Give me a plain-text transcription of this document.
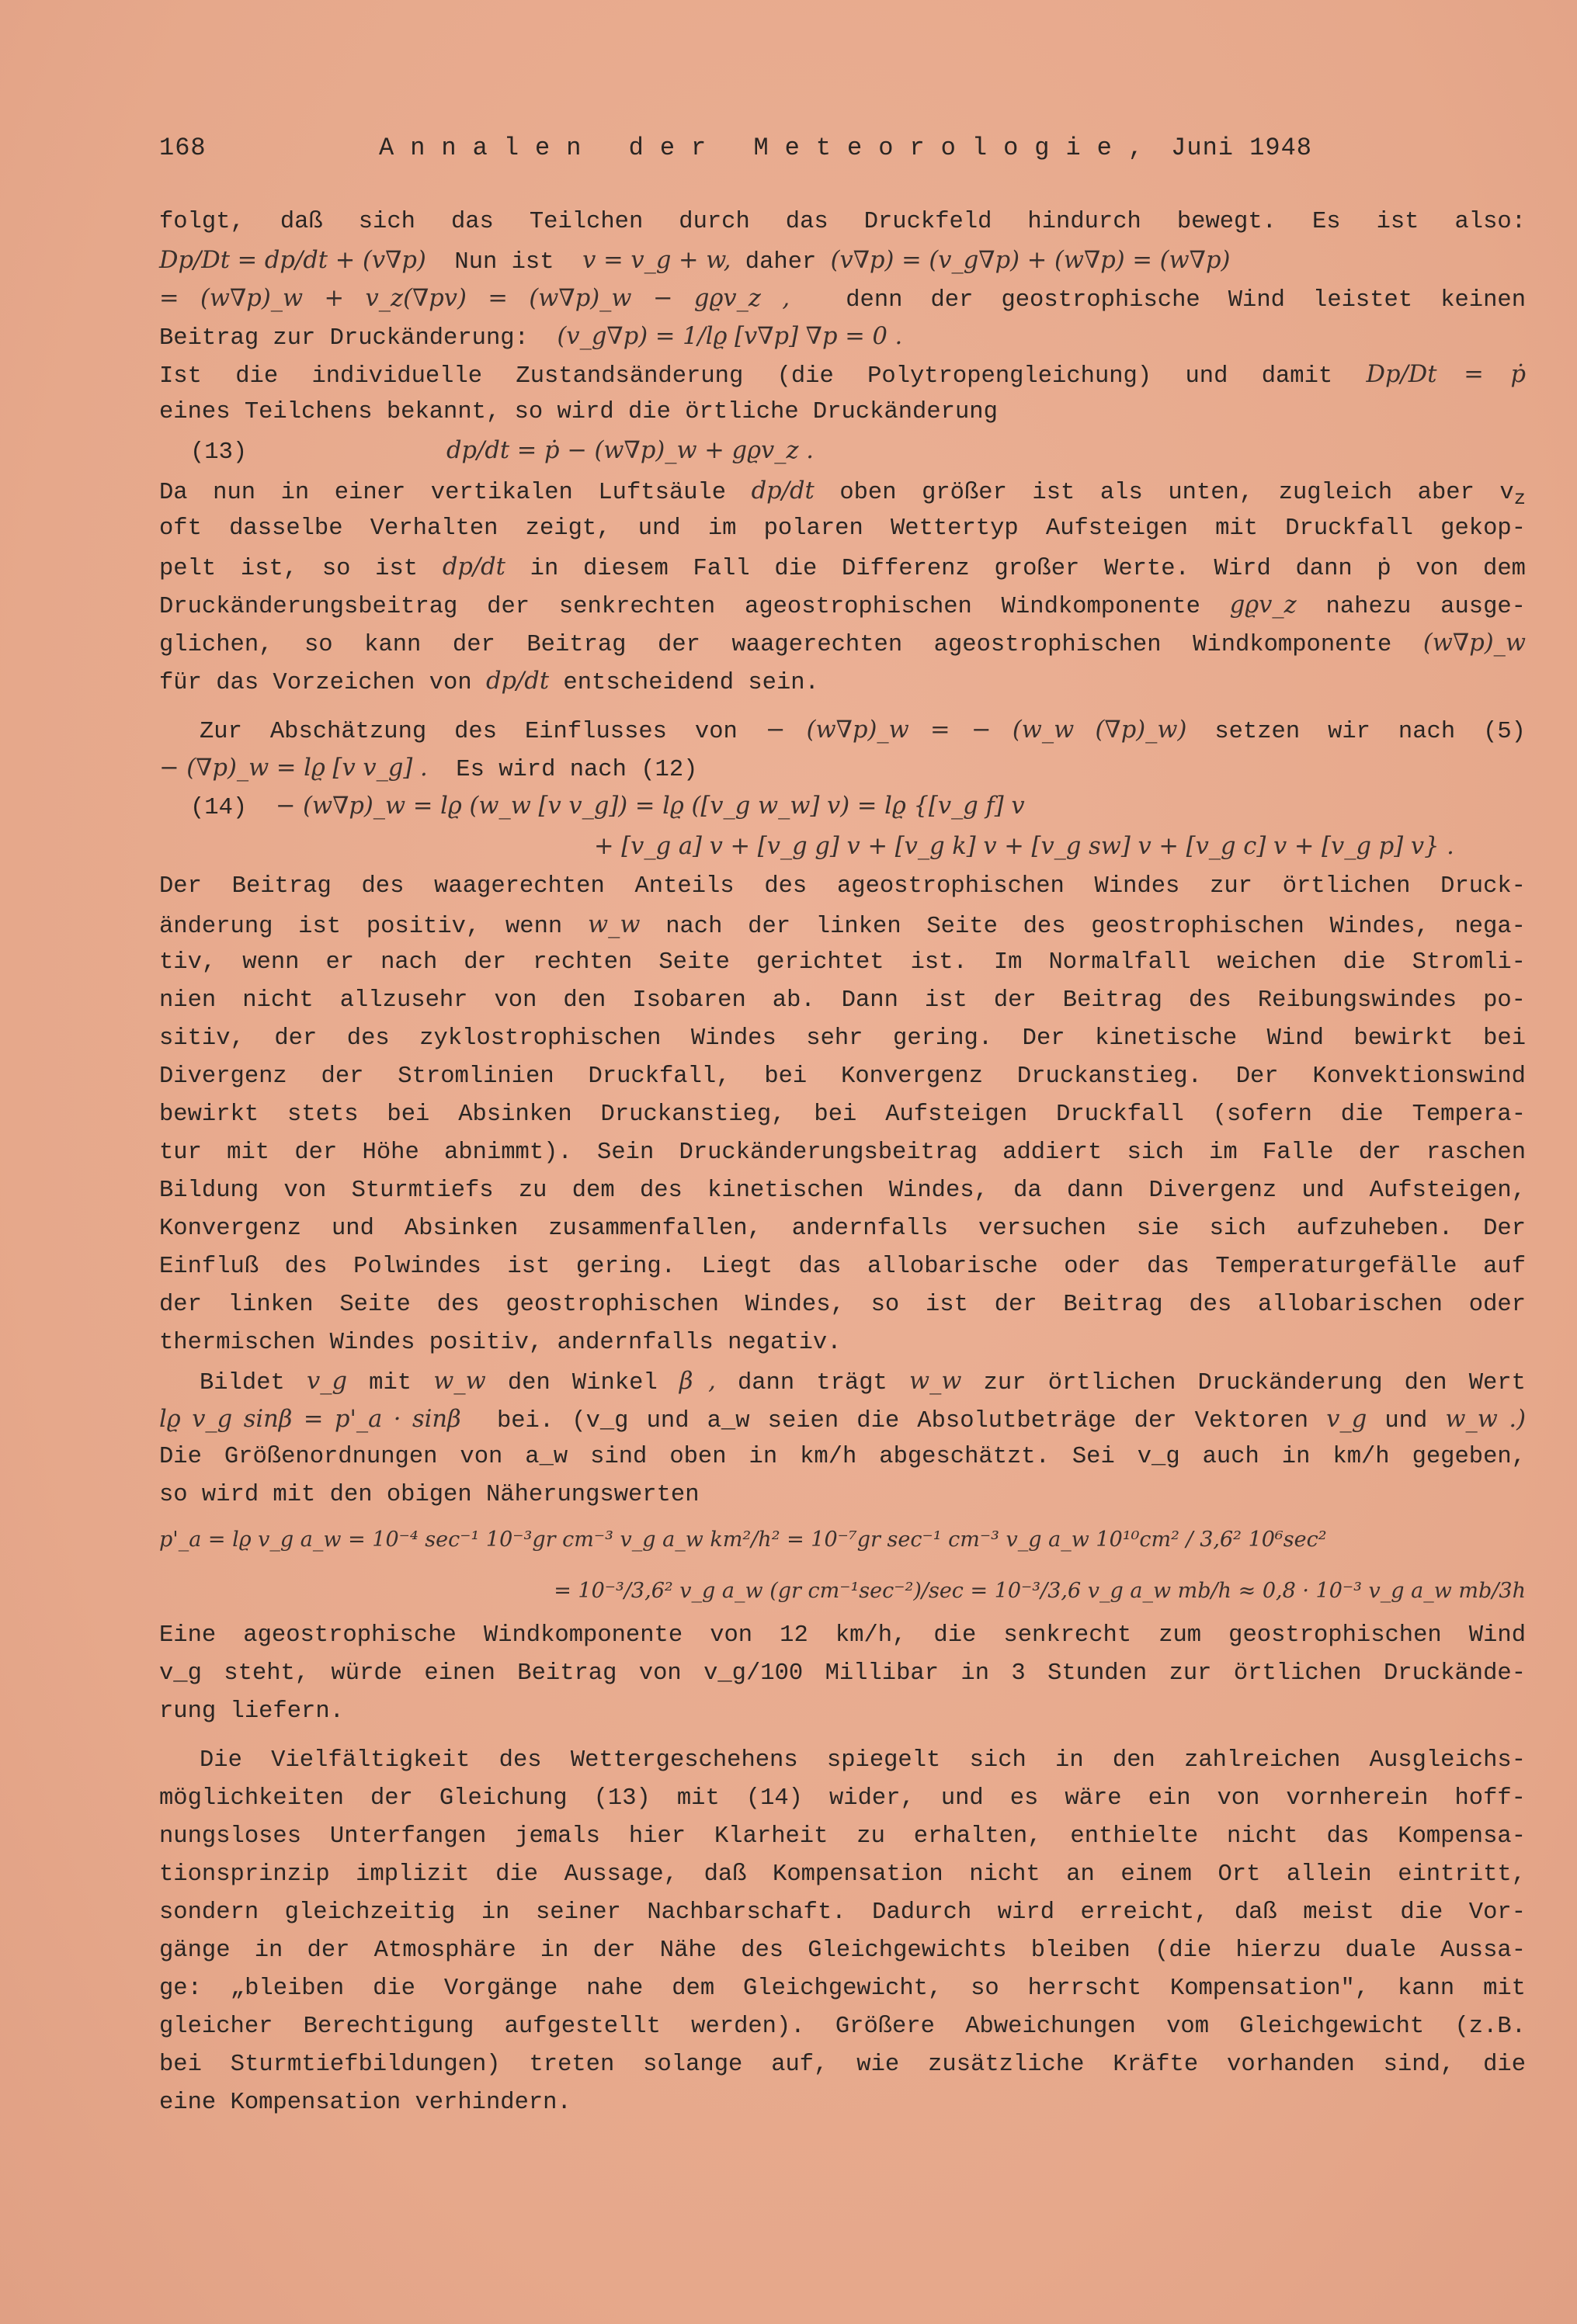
168	Annalen der Meteorologie, Juni 1948
folgt, daß sich das Teilchen durch das Druckfeld hindurch bewegt. Es ist also:
Dp/Dt = dp/dt + (v∇p) Nun ist v = v_g + w, daher (v∇p) = (v_g∇p) + (w∇p) = (w∇p)
= (w∇p)_w + v_z(∇pv) = (w∇p)_w − gϱv_z , denn der geostrophische Wind leistet keinen
Beitrag zur Druckänderung: (v_g∇p) = 1/lϱ [v∇p] ∇p = 0 .
Ist die individuelle Zustandsänderung (die Polytropengleichung) und damit Dp/Dt = ṗ
eines Teilchens bekannt, so wird die örtliche Druckänderung
(13)	dp/dt = ṗ − (w∇p)_w + gϱv_z .
Da nun in einer vertikalen Luftsäule dp/dt oben größer ist als unten, zugleich aber $v_z$
oft dasselbe Verhalten zeigt, und im polaren Wettertyp Aufsteigen mit Druckfall gekop-
pelt ist, so ist dp/dt in diesem Fall die Differenz großer Werte. Wird dann ṗ von dem
Druckänderungsbeitrag der senkrechten ageostrophischen Windkomponente gϱv_z nahezu ausge-
glichen, so kann der Beitrag der waagerechten ageostrophischen Windkomponente (w∇p)_w
für das Vorzeichen von dp/dt entscheidend sein.
Zur Abschätzung des Einflusses von − (w∇p)_w = − (w_w (∇p)_w) setzen wir nach (5)
− (∇p)_w = lϱ [v v_g] . Es wird nach (12)
(14) − (w∇p)_w = lϱ (w_w [v v_g]) = lϱ ([v_g w_w] v) = lϱ {[v_g f] v
+ [v_g a] v + [v_g g] v + [v_g k] v + [v_g sw] v + [v_g c] v + [v_g p] v} .
Der Beitrag des waagerechten Anteils des ageostrophischen Windes zur örtlichen Druck-
änderung ist positiv, wenn w_w nach der linken Seite des geostrophischen Windes, nega-
tiv, wenn er nach der rechten Seite gerichtet ist. Im Normalfall weichen die Stromli-
nien nicht allzusehr von den Isobaren ab. Dann ist der Beitrag des Reibungswindes po-
sitiv, der des zyklostrophischen Windes sehr gering. Der kinetische Wind bewirkt bei
Divergenz der Stromlinien Druckfall, bei Konvergenz Druckanstieg. Der Konvektionswind
bewirkt stets bei Absinken Druckanstieg, bei Aufsteigen Druckfall (sofern die Tempera-
tur mit der Höhe abnimmt). Sein Druckänderungsbeitrag addiert sich im Falle der raschen
Bildung von Sturmtiefs zu dem des kinetischen Windes, da dann Divergenz und Aufsteigen,
Konvergenz und Absinken zusammenfallen, andernfalls versuchen sie sich aufzuheben. Der
Einfluß des Polwindes ist gering. Liegt das allobarische oder das Temperaturgefälle auf
der linken Seite des geostrophischen Windes, so ist der Beitrag des allobarischen oder
thermischen Windes positiv, andernfalls negativ.
Bildet v_g mit w_w den Winkel β , dann trägt w_w zur örtlichen Druckänderung den Wert
lϱ v_g sinβ = p'_a · sinβ bei. (v_g und a_w seien die Absolutbeträge der Vektoren v_g und w_w .)
Die Größenordnungen von a_w sind oben in km/h abgeschätzt. Sei v_g auch in km/h gegeben,
so wird mit den obigen Näherungswerten
p'_a = lϱ v_g a_w = 10⁻⁴ sec⁻¹ 10⁻³gr cm⁻³ v_g a_w km²/h² = 10⁻⁷gr sec⁻¹ cm⁻³ v_g a_w 10¹⁰cm² / 3,6² 10⁶sec²
= 10⁻³/3,6² v_g a_w (gr cm⁻¹sec⁻²)/sec = 10⁻³/3,6 v_g a_w mb/h ≈ 0,8 · 10⁻³ v_g a_w mb/3h
Eine ageostrophische Windkomponente von 12 km/h, die senkrecht zum geostrophischen Wind
v_g steht, würde einen Beitrag von v_g/100 Millibar in 3 Stunden zur örtlichen Druckände-
rung liefern.
Die Vielfältigkeit des Wettergeschehens spiegelt sich in den zahlreichen Ausgleichs-
möglichkeiten der Gleichung (13) mit (14) wider, und es wäre ein von vornherein hoff-
nungsloses Unterfangen jemals hier Klarheit zu erhalten, enthielte nicht das Kompensa-
tionsprinzip implizit die Aussage, daß Kompensation nicht an einem Ort allein eintritt,
sondern gleichzeitig in seiner Nachbarschaft. Dadurch wird erreicht, daß meist die Vor-
gänge in der Atmosphäre in der Nähe des Gleichgewichts bleiben (die hierzu duale Aussa-
ge: „bleiben die Vorgänge nahe dem Gleichgewicht, so herrscht Kompensation", kann mit
gleicher Berechtigung aufgestellt werden). Größere Abweichungen vom Gleichgewicht (z.B.
bei Sturmtiefbildungen) treten solange auf, wie zusätzliche Kräfte vorhanden sind, die
eine Kompensation verhindern.
